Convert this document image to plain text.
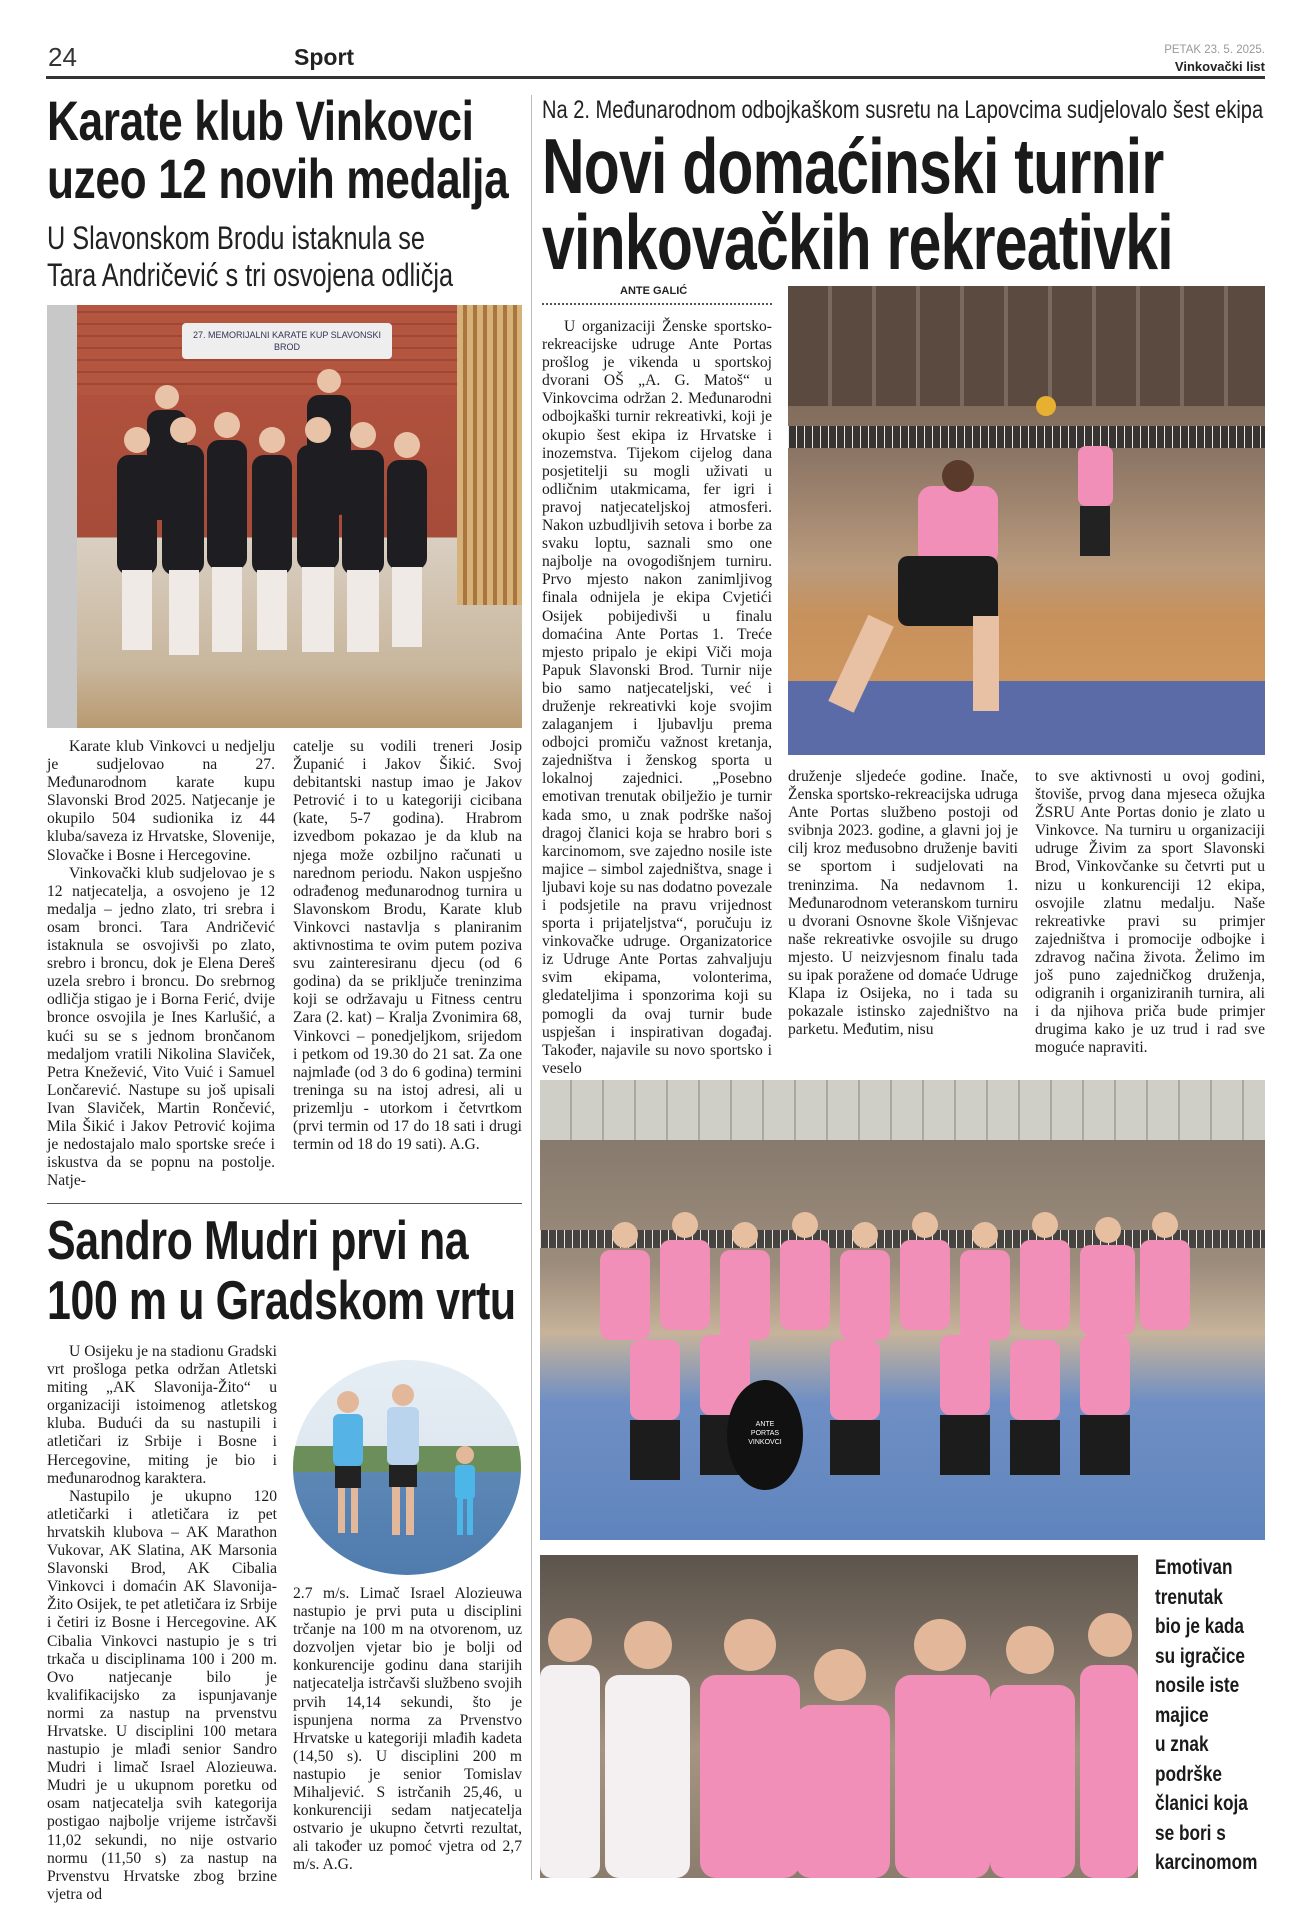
24	Sport	PETAK 23. 5. 2025.
Vinkovački list
Karate klub Vinkovci
uzeo 12 novih medalja
U Slavonskom Brodu istaknula se
Tara Andričević s tri osvojena odličja
27. MEMORIJALNI KARATE KUP SLAVONSKI BROD

Karate klub Vinkovci u nedjelju je sudjelovao na 27. Međunarodnom karate kupu Slavonski Brod 2025. Natjecanje je okupilo 504 sudionika iz 44 kluba/saveza iz Hrvatske, Slovenije, Slovačke i Bosne i Hercegovine.

Vinkovački klub sudjelovao je s 12 natjecatelja, a osvojeno je 12 medalja – jedno zlato, tri srebra i osam bronci. Tara Andričević istaknula se osvojivši po zlato, srebro i broncu, dok je Elena Dereš uzela srebro i broncu. Do srebrnog odličja stigao je i Borna Ferić, dvije bronce osvojila je Ines Karlušić, a kući su se s jednom brončanom medaljom vratili Nikolina Slaviček, Petra Knežević, Vito Vuić i Samuel Lončarević. Nastupe su još upisali Ivan Slaviček, Martin Rončević, Mila Šikić i Jakov Petrović kojima je nedostajalo malo sportske sreće i iskustva da se popnu na postolje. Natje-

catelje su vodili treneri Josip Županić i Jakov Šikić. Svoj debitantski nastup imao je Jakov Petrović i to u kategoriji cicibana (kate, 5-7 godina). Hrabrom izvedbom pokazao je da klub na njega može ozbiljno računati u narednom periodu. Nakon uspješno odrađenog međunarodnog turnira u Slavonskom Brodu, Karate klub Vinkovci nastavlja s planiranim aktivnostima te ovim putem poziva svu zainteresiranu djecu (od 6 godina) da se priključe treninzima koji se održavaju u Fitness centru Zara (2. kat) – Kralja Zvonimira 68, Vinkovci – ponedjeljkom, srijedom i petkom od 19.30 do 21 sat. Za one najmlađe (od 3 do 6 godina) termini treninga su na istoj adresi, ali u prizemlju - utorkom i četvrtkom (prvi termin od 17 do 18 sati i drugi termin od 18 do 19 sati). A.G.

Sandro Mudri prvi na
100 m u Gradskom vrtu

U Osijeku je na stadionu Gradski vrt prošloga petka održan Atletski miting „AK Slavonija-Žito“ u organizaciji istoimenog atletskog kluba. Budući da su nastupili i atletičari iz Srbije i Bosne i Hercegovine, miting je bio i međunarodnog karaktera.

Nastupilo je ukupno 120 atletičarki i atletičara iz pet hrvatskih klubova – AK Marathon Vukovar, AK Slatina, AK Marsonia Slavonski Brod, AK Cibalia Vinkovci i domaćin AK Slavonija-Žito Osijek, te pet atletičara iz Srbije i četiri iz Bosne i Hercegovine. AK Cibalia Vinkovci nastupio je s tri trkača u disciplinama 100 i 200 m. Ovo natjecanje bilo je kvalifikacijsko za ispunjavanje normi za nastup na prvenstvu Hrvatske. U disciplini 100 metara nastupio je mlađi senior Sandro Mudri i limač Israel Alozieuwa. Mudri je u ukupnom poretku od osam natjecatelja svih kategorija postigao najbolje vrijeme istrčavši 11,02 sekundi, no nije ostvario normu (11,50 s) za nastup na Prvenstvu Hrvatske zbog brzine vjetra od

2.7 m/s. Limač Israel Alozieuwa nastupio je prvi puta u disciplini trčanje na 100 m na otvorenom, uz dozvoljen vjetar bio je bolji od konkurencije godinu dana starijih natjecatelja istrčavši službeno svojih prvih 14,14 sekundi, što je ispunjena norma za Prvenstvo Hrvatske u kategoriji mlađih kadeta (14,50 s). U disciplini 200 m nastupio je senior Tomislav Mihaljević. S istrčanih 25,46, u konkurenciji sedam natjecatelja ostvario je ukupno četvrti rezultat, ali također uz pomoć vjetra od 2,7 m/s. A.G.

Na 2. Međunarodnom odbojkaškom susretu na Lapovcima sudjelovalo šest ekipa
Novi domaćinski turnir
vinkovačkih rekreativki
ANTE GALIĆ

U organizaciji Ženske sportsko-rekreacijske udruge Ante Portas prošlog je vikenda u sportskoj dvorani OŠ „A. G. Matoš“ u Vinkovcima održan 2. Međunarodni odbojkaški turnir rekreativki, koji je okupio šest ekipa iz Hrvatske i inozemstva. Tijekom cijelog dana posjetitelji su mogli uživati u odličnim utakmicama, fer igri i pravoj natjecateljskoj atmosferi. Nakon uzbudljivih setova i borbe za svaku loptu, saznali smo one najbolje na ovogodišnjem turniru. Prvo mjesto nakon zanimljivog finala odnijela je ekipa Cvjetići Osijek pobijedivši u finalu domaćina Ante Portas 1. Treće mjesto pripalo je ekipi Viči moja Papuk Slavonski Brod. Turnir nije bio samo natjecateljski, već i druženje rekreativki koje svojim zalaganjem i ljubavlju prema odbojci promiču važnost kretanja, zajedništva i ženskog sporta u lokalnoj zajednici. „Posebno emotivan trenutak obilježio je turnir kada smo, u znak podrške našoj dragoj članici koja se hrabro bori s karcinomom, sve zajedno nosile iste majice – simbol zajedništva, snage i ljubavi koje su nas dodatno povezale i podsjetile na pravu vrijednost sporta i prijateljstva“, poručuju iz vinkovačke udruge. Organizatorice iz Udruge Ante Portas zahvaljuju svim ekipama, volonterima, gledateljima i sponzorima koji su pomogli da ovaj turnir bude uspješan i inspirativan događaj. Također, najavile su novo sportsko i veselo

druženje sljedeće godine. Inače, Ženska sportsko-rekreacijska udruga Ante Portas službeno postoji od svibnja 2023. godine, a glavni joj je cilj kroz međusobno druženje baviti se sportom i sudjelovati na treninzima. Na nedavnom 1. Međunarodnom veteranskom turniru u dvorani Osnovne škole Višnjevac naše rekreativke osvojile su drugo mjesto. U neizvjesnom finalu tada su ipak poražene od domaće Udruge Klapa iz Osijeka, no i tada su pokazale istinsko zajedništvo na parketu. Međutim, nisu

to sve aktivnosti u ovoj godini, štoviše, prvog dana mjeseca ožujka ŽSRU Ante Portas donio je zlato u Vinkovce. Na turniru u organizaciji udruge Živim za sport Slavonski Brod, Vinkovčanke su četvrti put u nizu u konkurenciji 12 ekipa, osvojile zlatnu medalju. Naše rekreativke pravi su primjer zajedništva i promocije odbojke i zdravog načina života. Želimo im još puno zajedničkog druženja, odigranih i organiziranih turnira, ali i da njihova priča bude primjer drugima kako je uz trud i rad sve moguće napraviti.

ANTE PORTAS VINKOVCI
Emotivan
trenutak
bio je kada
su igračice
nosile iste
majice
u znak
podrške
članici koja
se bori s
karcinomom
